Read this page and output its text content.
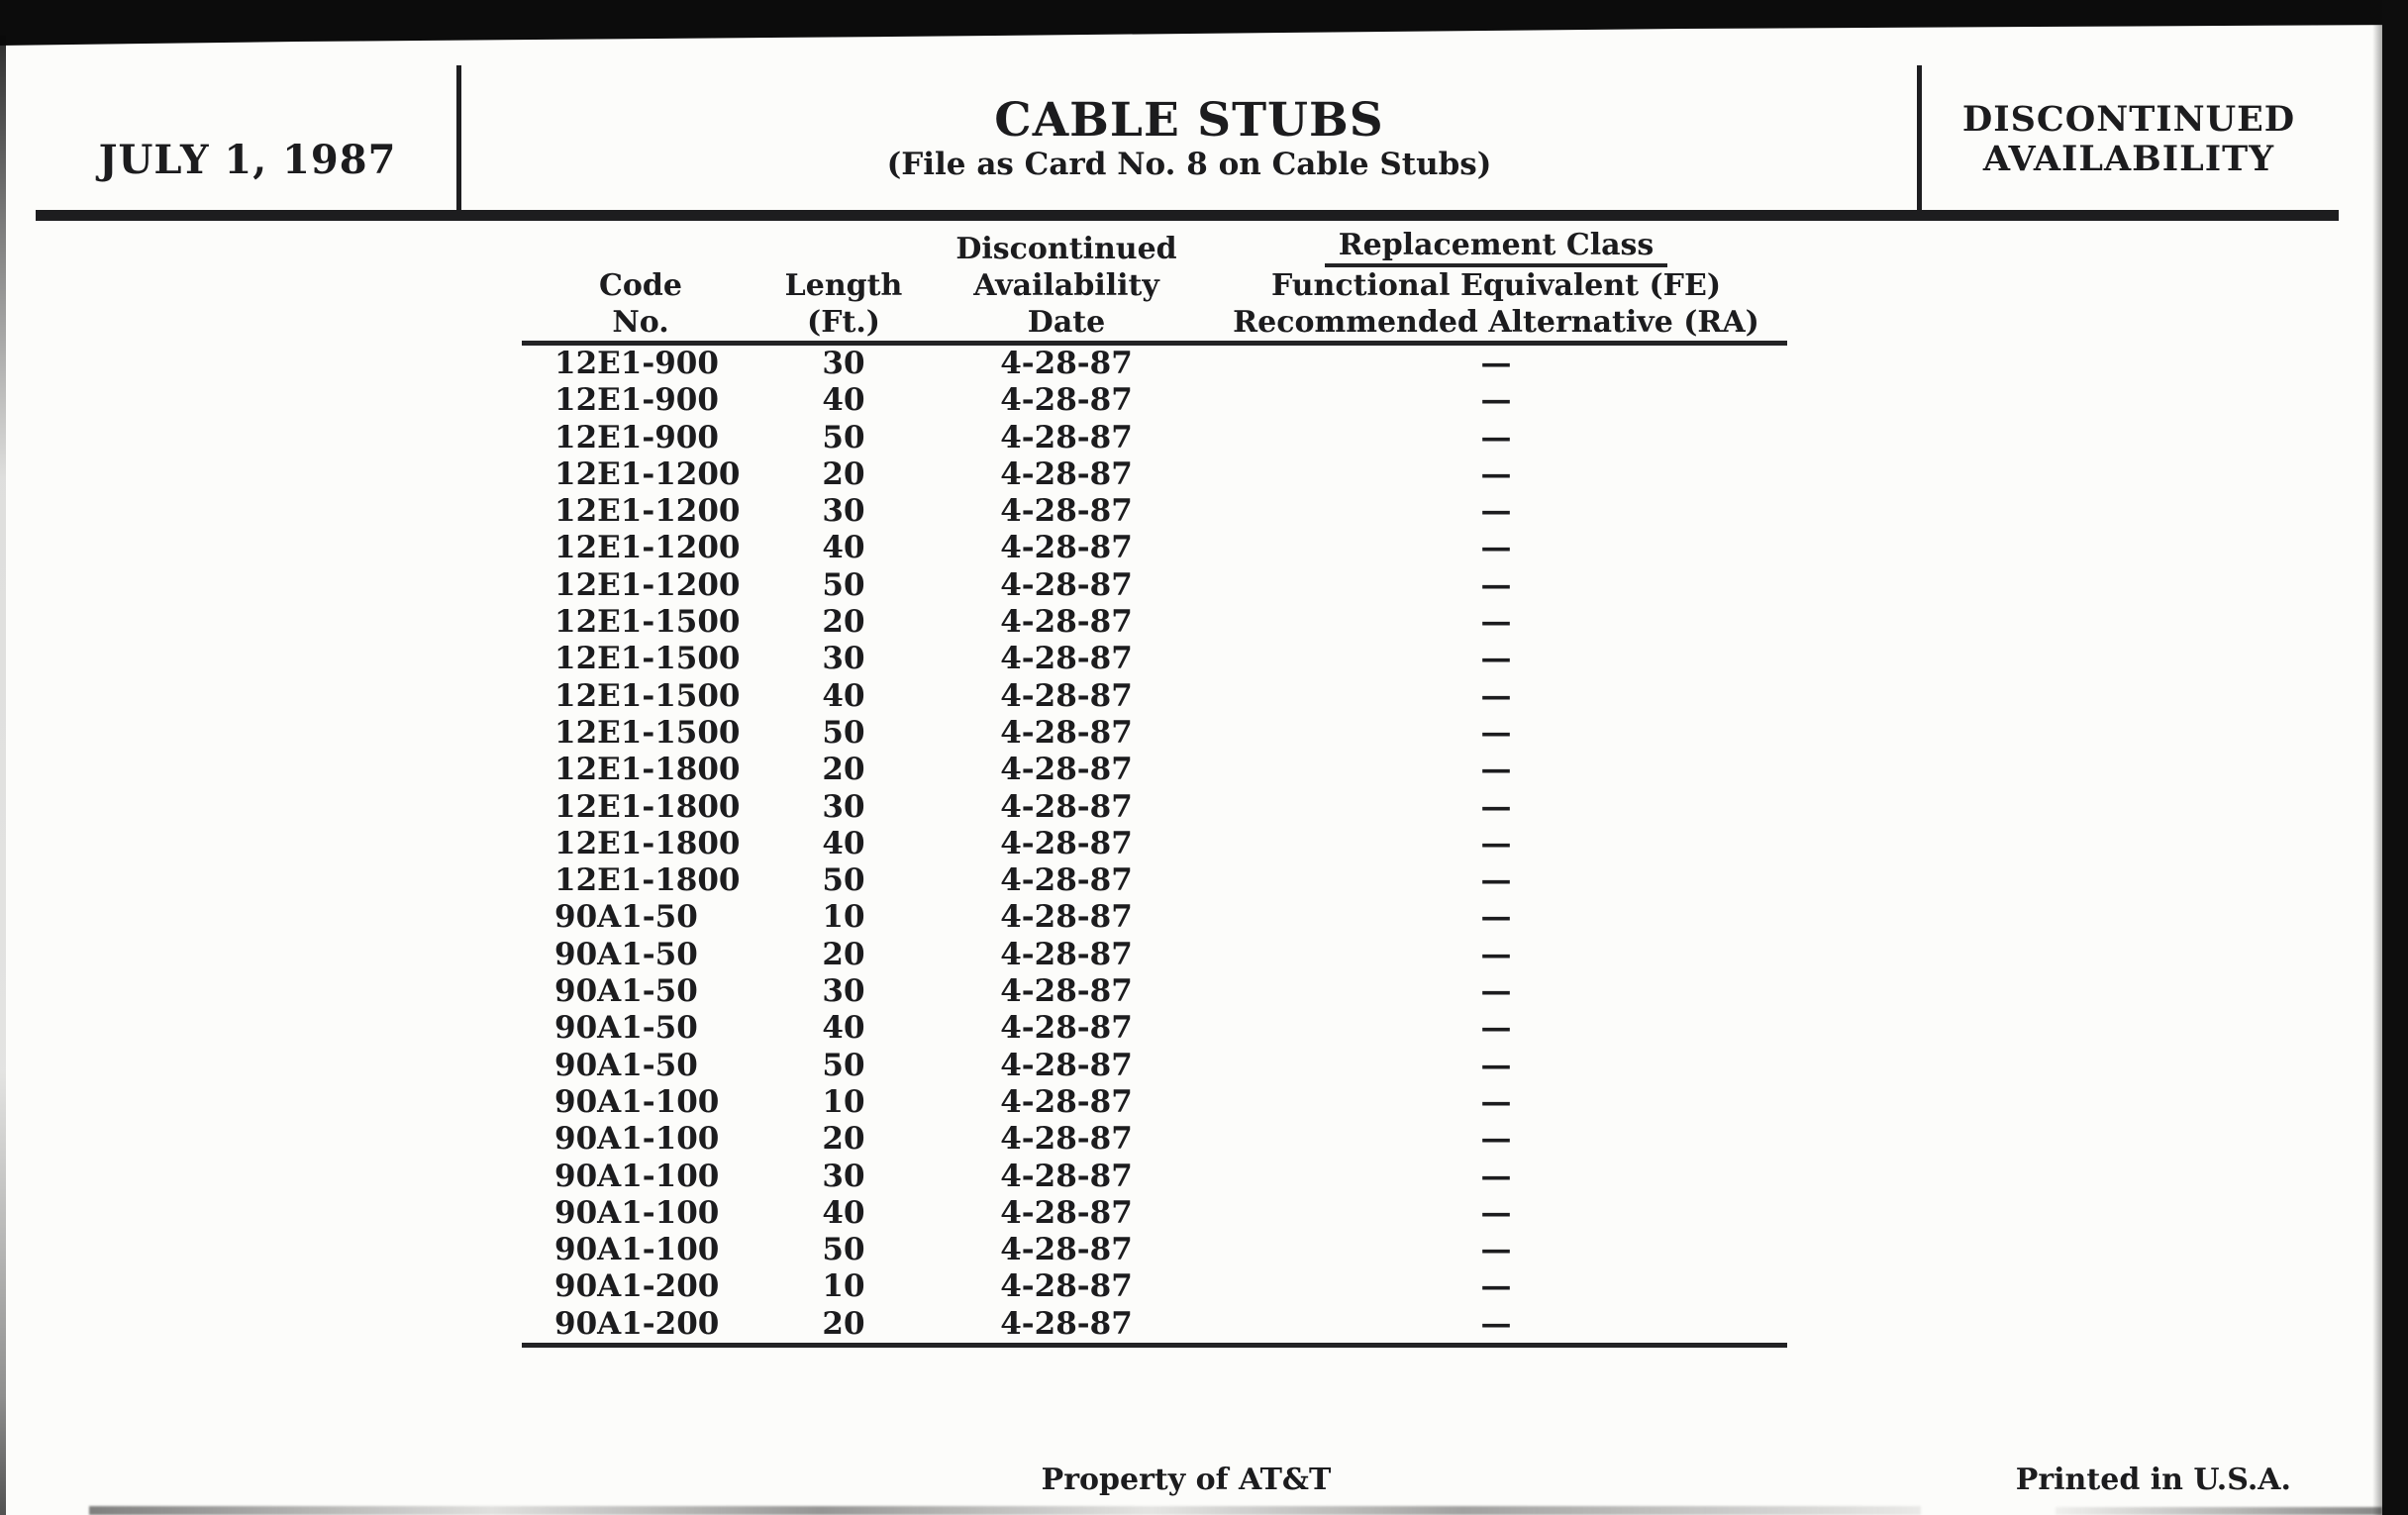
JULY 1, 1987
CABLE STUBS
(File as Card No. 8 on Cable Stubs)
DISCONTINUED
AVAILABILITY
Code
No.
Length
(Ft.)
Discontinued
Availability
Date
Replacement Class
Functional Equivalent (FE)
Recommended Alternative (RA)
12E1-900	30	4-28-87	—
12E1-900	40	4-28-87	—
12E1-900	50	4-28-87	—
12E1-1200	20	4-28-87	—
12E1-1200	30	4-28-87	—
12E1-1200	40	4-28-87	—
12E1-1200	50	4-28-87	—
12E1-1500	20	4-28-87	—
12E1-1500	30	4-28-87	—
12E1-1500	40	4-28-87	—
12E1-1500	50	4-28-87	—
12E1-1800	20	4-28-87	—
12E1-1800	30	4-28-87	—
12E1-1800	40	4-28-87	—
12E1-1800	50	4-28-87	—
90A1-50	10	4-28-87	—
90A1-50	20	4-28-87	—
90A1-50	30	4-28-87	—
90A1-50	40	4-28-87	—
90A1-50	50	4-28-87	—
90A1-100	10	4-28-87	—
90A1-100	20	4-28-87	—
90A1-100	30	4-28-87	—
90A1-100	40	4-28-87	—
90A1-100	50	4-28-87	—
90A1-200	10	4-28-87	—
90A1-200	20	4-28-87	—
Property of AT&T	Printed in U.S.A.
